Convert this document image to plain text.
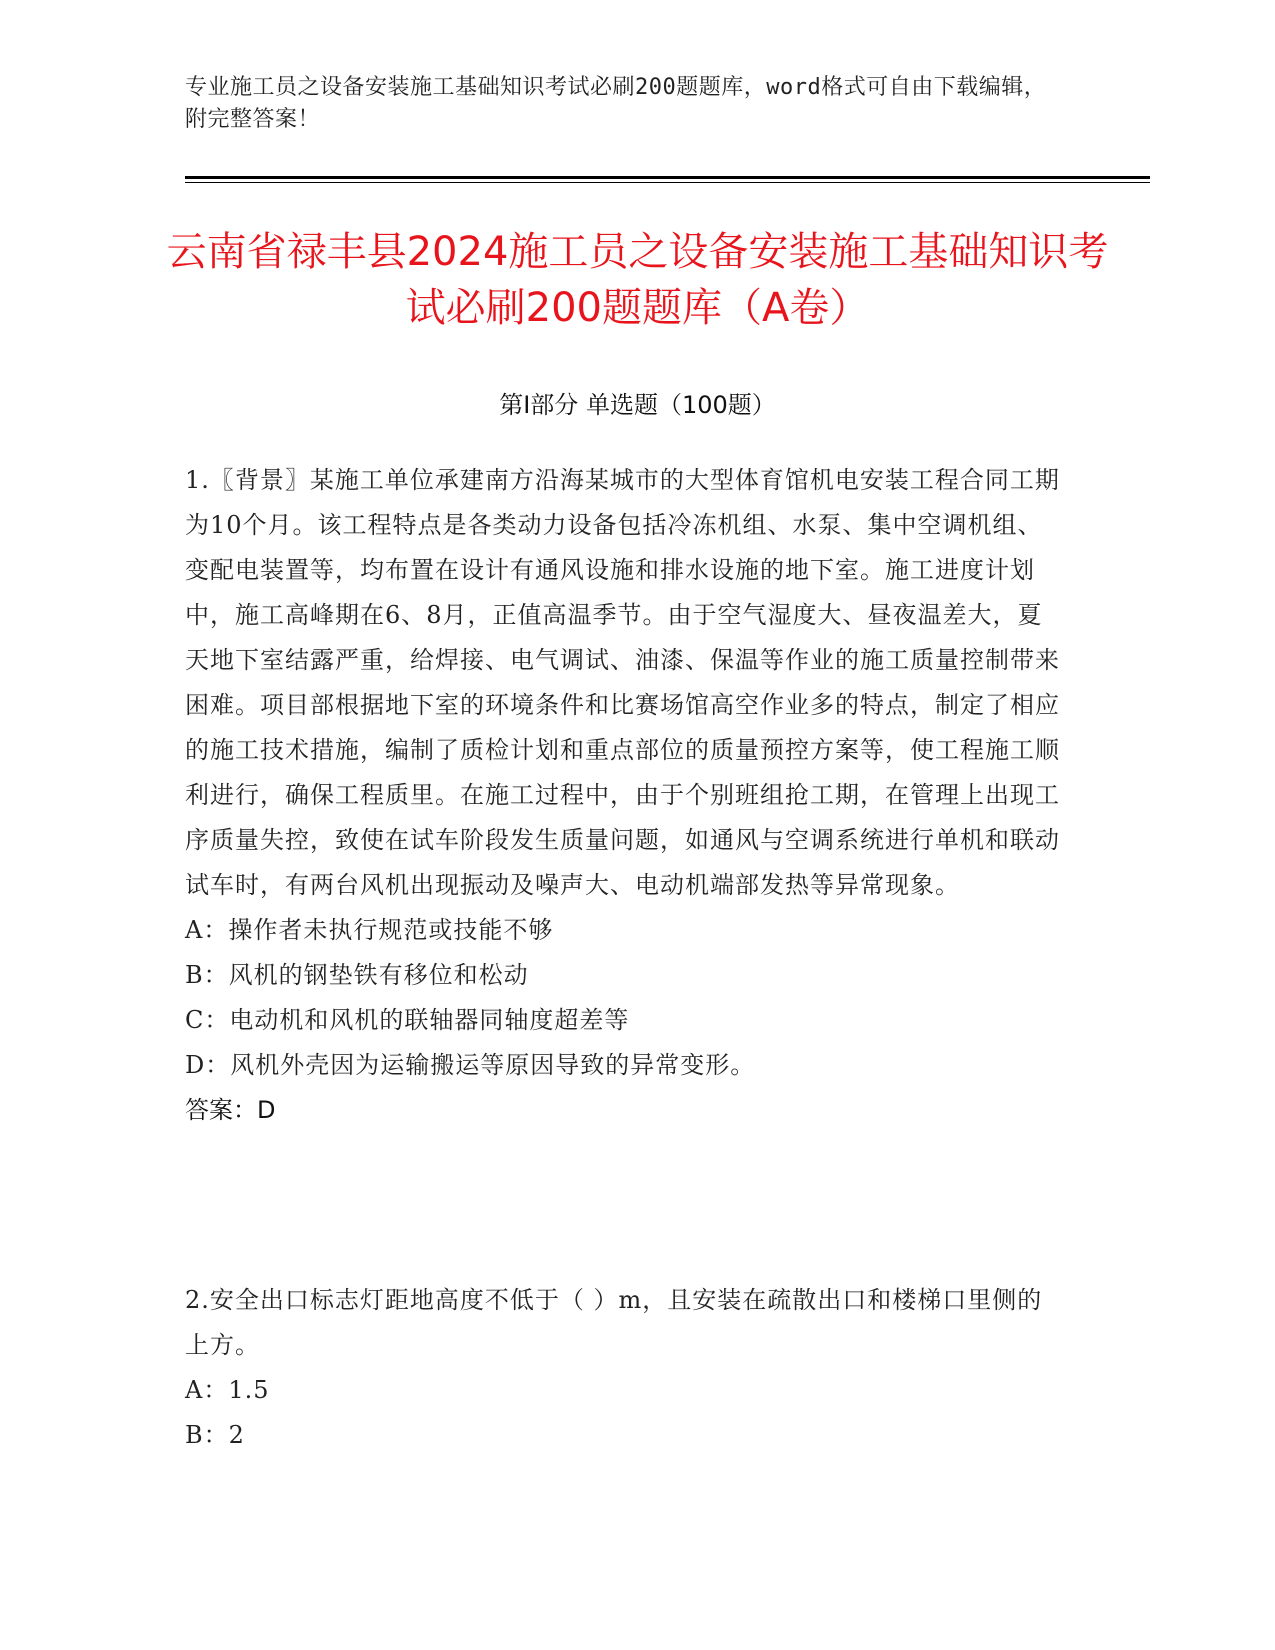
专业施工员之设备安装施工基础知识考试必刷200题题库，word格式可自由下载编辑，附完整答案！
云南省禄丰县2024施工员之设备安装施工基础知识考试必刷200题题库（A卷）
第Ⅰ部分 单选题（100题）

1.〖背景〗某施工单位承建南方沿海某城市的大型体育馆机电安装工程合同工期为10个月。该工程特点是各类动力设备包括冷冻机组、水泵、集中空调机组、变配电装置等，均布置在设计有通风设施和排水设施的地下室。施工进度计划中，施工高峰期在6、8月，正值高温季节。由于空气湿度大、昼夜温差大，夏天地下室结露严重，给焊接、电气调试、油漆、保温等作业的施工质量控制带来困难。项目部根据地下室的环境条件和比赛场馆高空作业多的特点，制定了相应的施工技术措施，编制了质检计划和重点部位的质量预控方案等，使工程施工顺利进行，确保工程质里。在施工过程中，由于个别班组抢工期，在管理上出现工序质量失控，致使在试车阶段发生质量问题，如通风与空调系统进行单机和联动试车时，有两台风机出现振动及噪声大、电动机端部发热等异常现象。

A：操作者未执行规范或技能不够

B：风机的钢垫铁有移位和松动

C：电动机和风机的联轴器同轴度超差等

D：风机外壳因为运输搬运等原因导致的异常变形。

答案：D

2.安全出口标志灯距地高度不低于（ ）m，且安装在疏散出口和楼梯口里侧的上方。

A：1.5

B：2
